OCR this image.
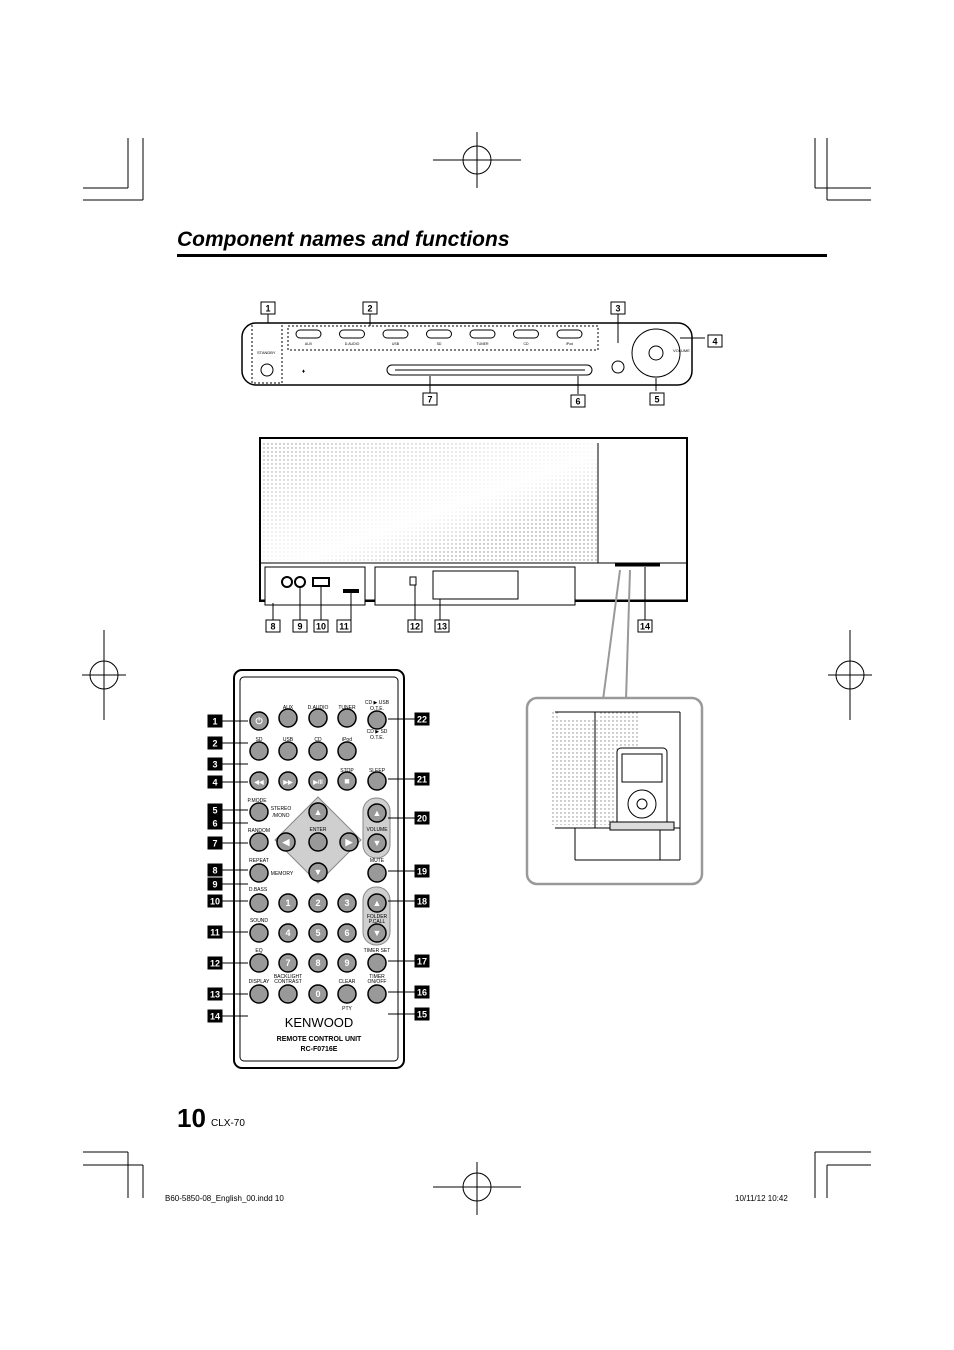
Component names and functions
STANDBY
AUX	D.AUDIO	USB	SD	TUNER	CD	iPod
♦
VOLUME
1	2	3
4
5
6
7
8 9 10 11	12 13	14
⏻
◀◀	▶▶	▶/II ■
▲
◀	▶
▼
▲
▼
1	2	3	▲
4	5	6	▼
7	8	9
0
AUX	D.AUDIO TUNER
CD ▶ USB
O.T.E.
SD	USB	CD	iPod
CD ▶ SD
O.T.E.
STOP	SLEEP
P.MODE
STEREO
/MONO
ENTER	VOLUME
RANDOM
REPEAT
MEMORY
MUTE
D.BASS
FOLDER
P.CALL
SOUND
EQ	TIMER SET
DISPLAY
BACKLIGHT
CONTRAST	CLEAR
PTY
TIMER
ON/OFF
1
2
3
4
5
6
7
8
9
10
11
12
13
14
22
21
20
19
18
17
16
15
KENWOOD
REMOTE CONTROL UNIT
RC-F0716E
10 CLX-70
B60-5850-08_English_00.indd 10	10/11/12 10:42
